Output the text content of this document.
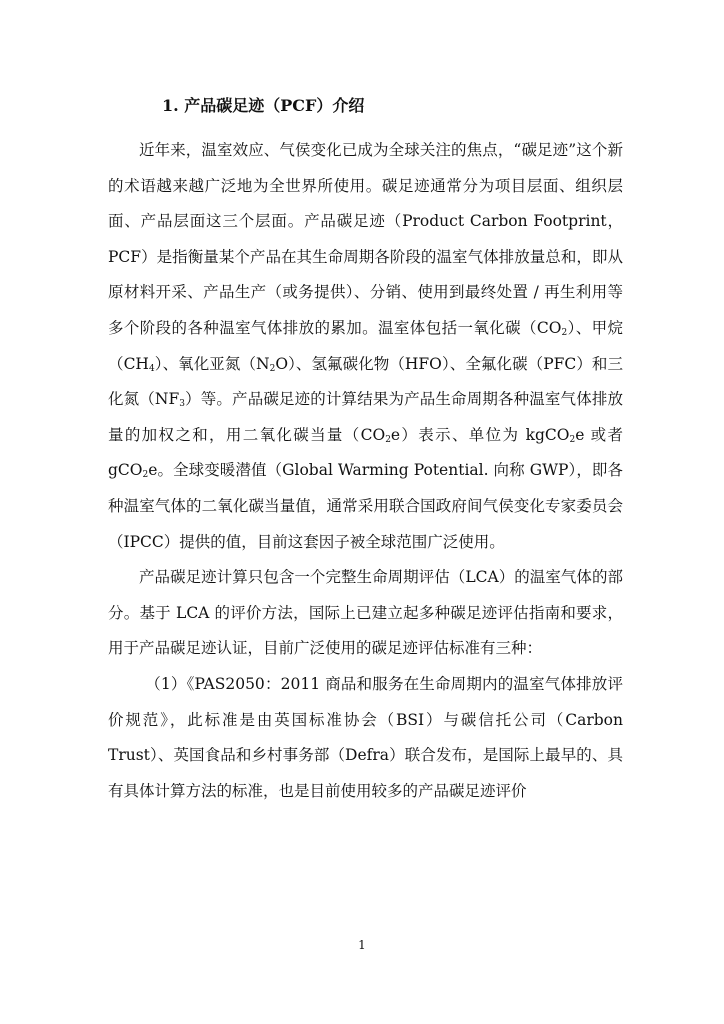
1. 产品碳足迹（PCF）介绍

近年来，温室效应、气侯变化已成为全球关注的焦点，“碳足迹”这个新的术语越来越广泛地为全世界所使用。碳足迹通常分为项目层面、组织层面、产品层面这三个层面。产品碳足迹（Product Carbon Footprint，PCF）是指衡量某个产品在其生命周期各阶段的温室气体排放量总和，即从原材料开采、产品生产（或务提供）、分销、使用到最终处置 / 再生利用等多个阶段的各种温室气体排放的累加。温室体包括一氧化碳$(CO_2)$、甲烷$(CH_4)$、氧化亚氮$(N_2O)$、氢氟碳化物（HFO）、全氟化碳（PFC）和三化氮$(NF_3)$等。产品碳足迹的计算结果为产品生命周期各种温室气体排放量的加权之和，用二氧化碳当量$(CO_2e)$表示、单位为 kgCO$_2$e 或者 gCO$_2$e。全球变暖潜值（Global Warming Potential. 向称 GWP），即各种温室气体的二氧化碳当量值，通常采用联合国政府间气侯变化专家委员会（IPCC）提供的值，目前这套因子被全球范围广泛使用。

产品碳足迹计算只包含一个完整生命周期评估（LCA）的温室气体的部分。基于 LCA 的评价方法，国际上已建立起多种碳足迹评估指南和要求，用于产品碳足迹认证，目前广泛使用的碳足迹评估标准有三种：

（1）《PAS2050：2011 商品和服务在生命周期内的温室气体排放评价规范》，此标准是由英国标准协会（BSI）与碳信托公司（Carbon Trust）、英国食品和乡村事务部（Defra）联合发布，是国际上最早的、具有具体计算方法的标准，也是目前使用较多的产品碳足迹评价

1
